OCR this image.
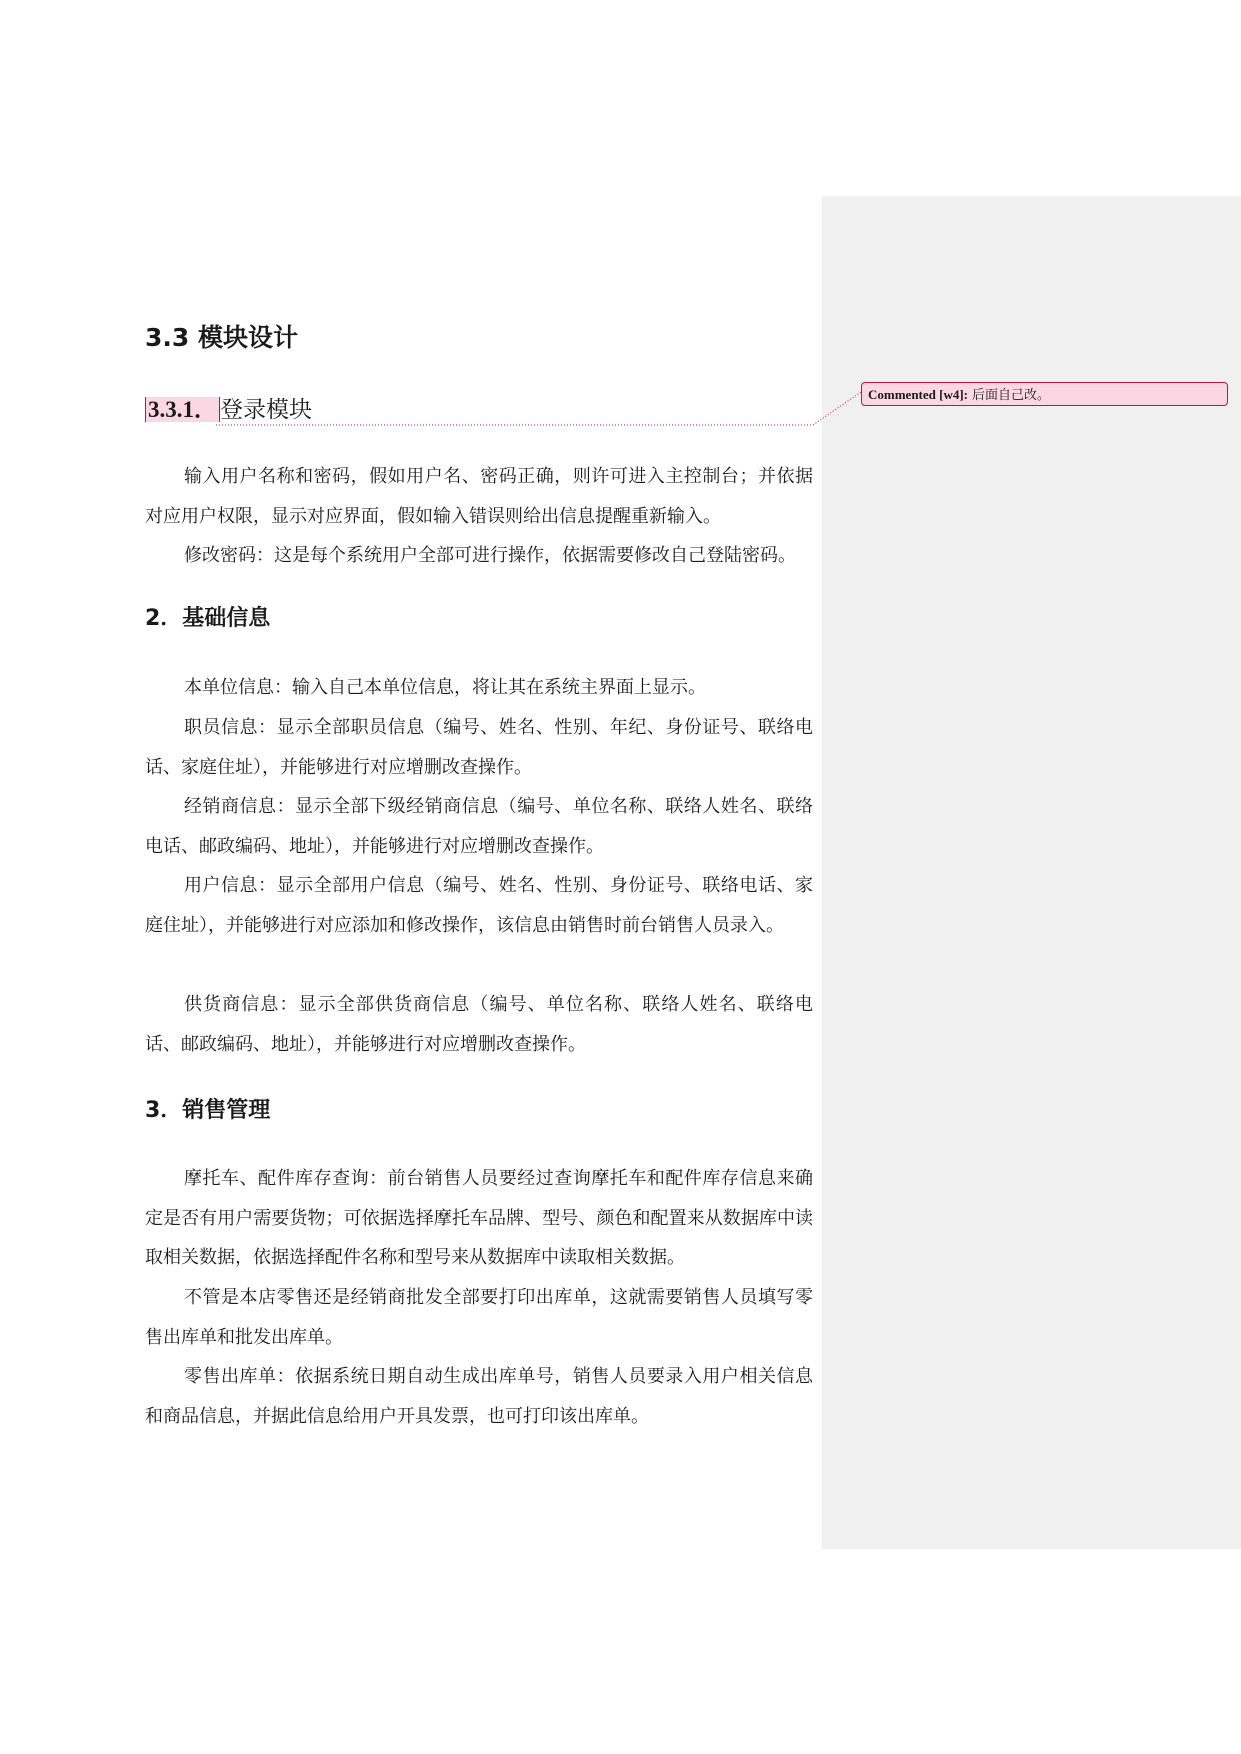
Commented [w4]: 后面自己改。
3.3 模块设计
3.3.1． 登录模块

输入用户名称和密码，假如用户名、密码正确，则许可进入主控制台；并依据对应用户权限，显示对应界面，假如输入错误则给出信息提醒重新输入。

修改密码：这是每个系统用户全部可进行操作，依据需要修改自己登陆密码。

2．基础信息

本单位信息：输入自己本单位信息，将让其在系统主界面上显示。

职员信息：显示全部职员信息（编号、姓名、性别、年纪、身份证号、联络电话、家庭住址），并能够进行对应增删改查操作。

经销商信息：显示全部下级经销商信息（编号、单位名称、联络人姓名、联络电话、邮政编码、地址），并能够进行对应增删改查操作。

用户信息：显示全部用户信息（编号、姓名、性别、身份证号、联络电话、家庭住址），并能够进行对应添加和修改操作，该信息由销售时前台销售人员录入。

供货商信息：显示全部供货商信息（编号、单位名称、联络人姓名、联络电话、邮政编码、地址），并能够进行对应增删改查操作。

3．销售管理

摩托车、配件库存查询：前台销售人员要经过查询摩托车和配件库存信息来确定是否有用户需要货物；可依据选择摩托车品牌、型号、颜色和配置来从数据库中读取相关数据，依据选择配件名称和型号来从数据库中读取相关数据。

不管是本店零售还是经销商批发全部要打印出库单，这就需要销售人员填写零售出库单和批发出库单。

零售出库单：依据系统日期自动生成出库单号，销售人员要录入用户相关信息和商品信息，并据此信息给用户开具发票，也可打印该出库单。
